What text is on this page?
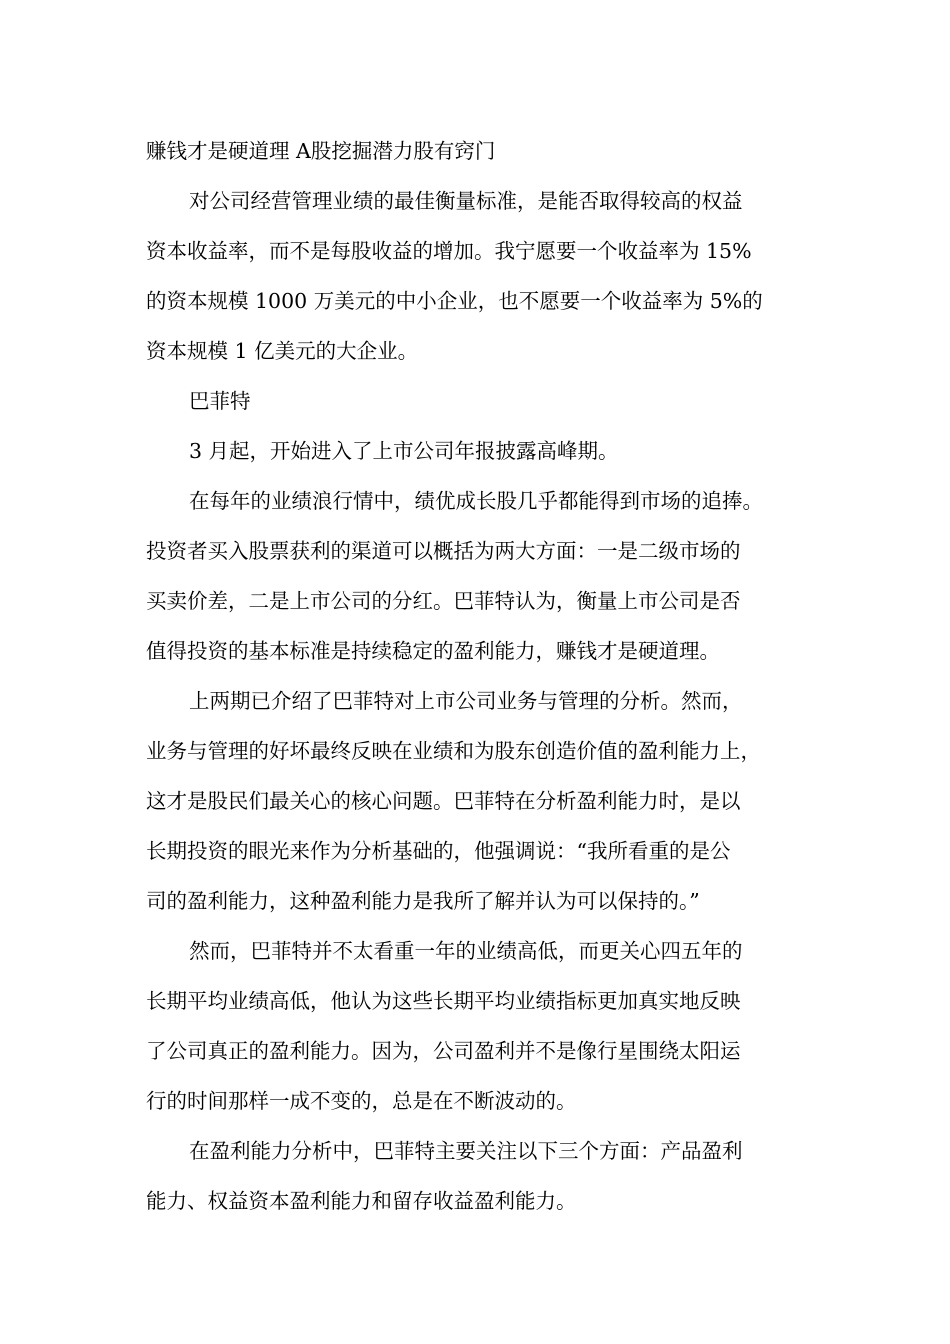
赚钱才是硬道理 A股挖掘潜力股有窍门
对公司经营管理业绩的最佳衡量标准，是能否取得较高的权益
资本收益率，而不是每股收益的增加。我宁愿要一个收益率为 15%
的资本规模 1000 万美元的中小企业，也不愿要一个收益率为 5%的
资本规模 1 亿美元的大企业。
巴菲特
3 月起，开始进入了上市公司年报披露高峰期。
在每年的业绩浪行情中，绩优成长股几乎都能得到市场的追捧。
投资者买入股票获利的渠道可以概括为两大方面：一是二级市场的
买卖价差，二是上市公司的分红。巴菲特认为，衡量上市公司是否
值得投资的基本标准是持续稳定的盈利能力，赚钱才是硬道理。
上两期已介绍了巴菲特对上市公司业务与管理的分析。然而，
业务与管理的好坏最终反映在业绩和为股东创造价值的盈利能力上，
这才是股民们最关心的核心问题。巴菲特在分析盈利能力时，是以
长期投资的眼光来作为分析基础的，他强调说：“我所看重的是公
司的盈利能力，这种盈利能力是我所了解并认为可以保持的。”
然而，巴菲特并不太看重一年的业绩高低，而更关心四五年的
长期平均业绩高低，他认为这些长期平均业绩指标更加真实地反映
了公司真正的盈利能力。因为，公司盈利并不是像行星围绕太阳运
行的时间那样一成不变的，总是在不断波动的。
在盈利能力分析中，巴菲特主要关注以下三个方面：产品盈利
能力、权益资本盈利能力和留存收益盈利能力。
